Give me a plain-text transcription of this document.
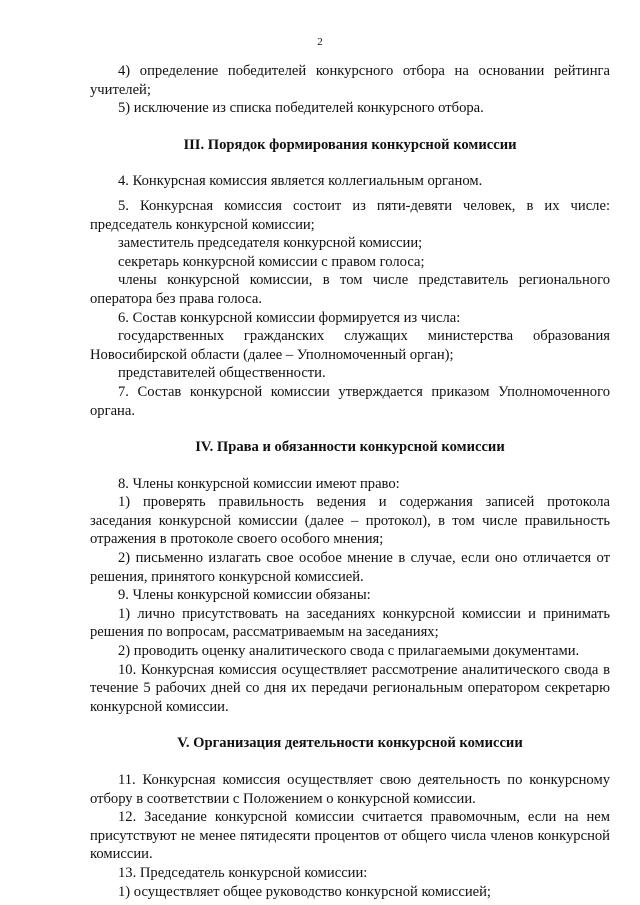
2

4) определение победителей конкурсного отбора на основании рейтинга учителей;

5) исключение из списка победителей конкурсного отбора.

III. Порядок формирования конкурсной комиссии

4. Конкурсная комиссия является коллегиальным органом.

5. Конкурсная комиссия состоит из пяти-девяти человек, в их числе: председатель конкурсной комиссии;

заместитель председателя конкурсной комиссии;

секретарь конкурсной комиссии с правом голоса;

члены конкурсной комиссии, в том числе представитель регионального оператора без права голоса.

6. Состав конкурсной комиссии формируется из числа:

государственных гражданских служащих министерства образования Новосибирской области (далее – Уполномоченный орган);

представителей общественности.

7. Состав конкурсной комиссии утверждается приказом Уполномоченного органа.

IV. Права и обязанности конкурсной комиссии

8. Члены конкурсной комиссии имеют право:

1) проверять правильность ведения и содержания записей протокола заседания конкурсной комиссии (далее – протокол), в том числе правильность отражения в протоколе своего особого мнения;

2) письменно излагать свое особое мнение в случае, если оно отличается от решения, принятого конкурсной комиссией.

9. Члены конкурсной комиссии обязаны:

1) лично присутствовать на заседаниях конкурсной комиссии и принимать решения по вопросам, рассматриваемым на заседаниях;

2) проводить оценку аналитического свода с прилагаемыми документами.

10. Конкурсная комиссия осуществляет рассмотрение аналитического свода в течение 5 рабочих дней со дня их передачи региональным оператором секретарю конкурсной комиссии.

V. Организация деятельности конкурсной комиссии

11. Конкурсная комиссия осуществляет свою деятельность по конкурсному отбору в соответствии с Положением о конкурсной комиссии.

12. Заседание конкурсной комиссии считается правомочным, если на нем присутствуют не менее пятидесяти процентов от общего числа членов конкурсной комиссии.

13. Председатель конкурсной комиссии:

1) осуществляет общее руководство конкурсной комиссией;
